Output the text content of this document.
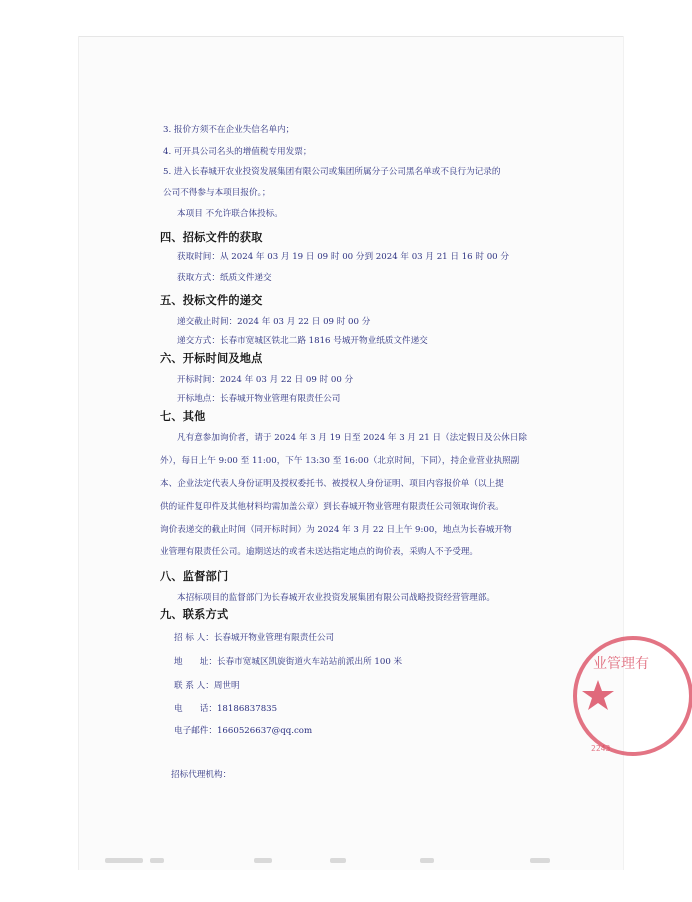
3. 报价方须不在企业失信名单内；
4. 可开具公司名头的增值税专用发票；
5. 进入长春城开农业投资发展集团有限公司或集团所属分子公司黑名单或不良行为记录的
公司不得参与本项目报价。；
本项目 不允许联合体投标。
四、招标文件的获取
获取时间：从 2024 年 03 月 19 日 09 时 00 分到 2024 年 03 月 21 日 16 时 00 分
获取方式：纸质文件递交
五、投标文件的递交
递交截止时间：2024 年 03 月 22 日 09 时 00 分
递交方式：长春市宽城区铁北二路 1816 号城开物业纸质文件递交
六、开标时间及地点
开标时间：2024 年 03 月 22 日 09 时 00 分
开标地点：长春城开物业管理有限责任公司
七、其他
凡有意参加询价者，请于 2024 年 3 月 19 日至 2024 年 3 月 21 日（法定假日及公休日除
外），每日上午 9:00 至 11:00，下午 13:30 至 16:00（北京时间，下同），持企业营业执照副
本、企业法定代表人身份证明及授权委托书、被授权人身份证明、项目内容报价单（以上提
供的证件复印件及其他材料均需加盖公章）到长春城开物业管理有限责任公司领取询价表。
询价表递交的截止时间（同开标时间）为 2024 年 3 月 22 日上午 9:00，地点为长春城开物
业管理有限责任公司。逾期送达的或者未送达指定地点的询价表，采购人不予受理。
八、监督部门
本招标项目的监督部门为长春城开农业投资发展集团有限公司战略投资经营管理部。
九、联系方式
招 标 人：长春城开物业管理有限责任公司
地　　址：长春市宽城区凯旋街道火车站站前派出所 100 米
联 系 人：周世明
电　　话：18186837835
电子邮件：1660526637@qq.com
招标代理机构：
业管理有
2243
